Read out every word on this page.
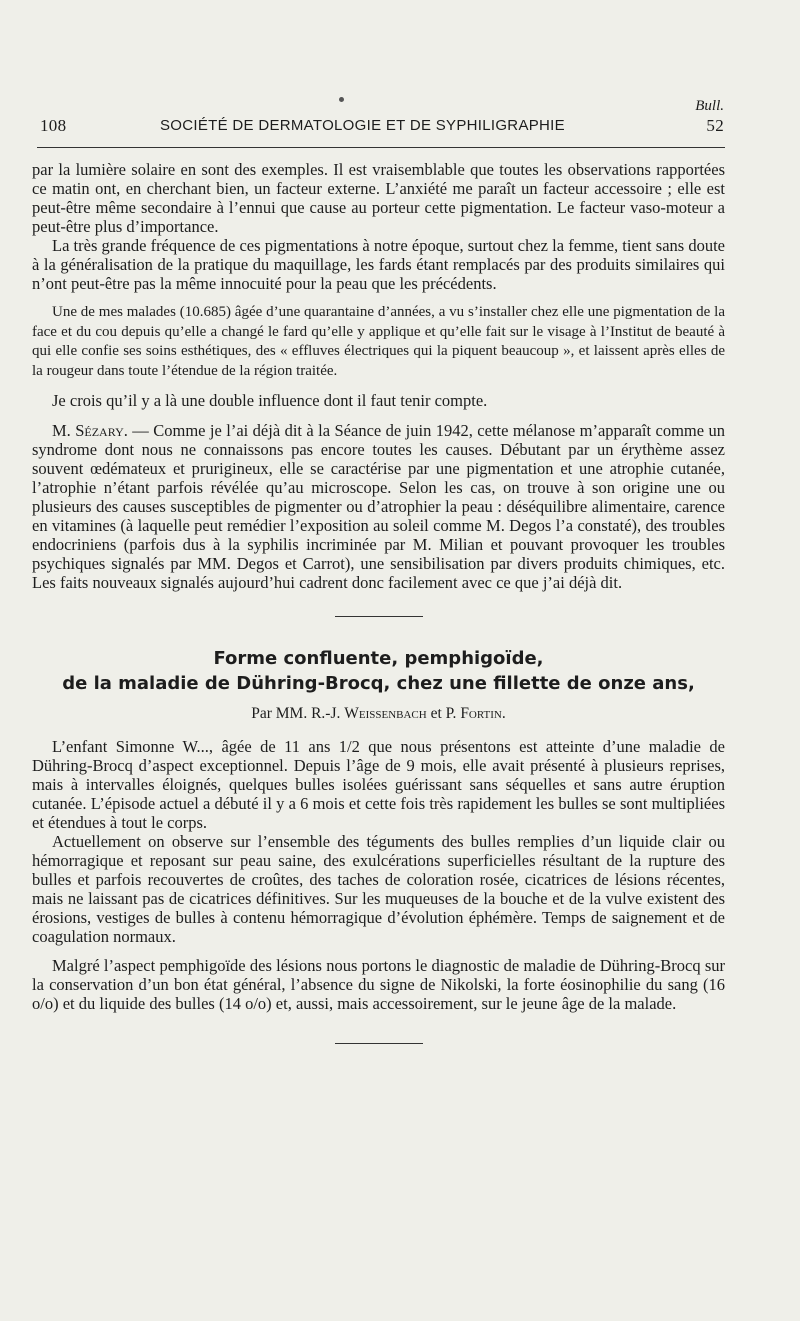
Bull.
108	SOCIÉTÉ DE DERMATOLOGIE ET DE SYPHILIGRAPHIE	52

par la lumière solaire en sont des exemples. Il est vraisemblable que toutes les observations rapportées ce matin ont, en cherchant bien, un facteur externe. L’anxiété me paraît un facteur accessoire ; elle est peut-être même secondaire à l’ennui que cause au porteur cette pigmentation. Le facteur vaso-moteur a peut-être plus d’importance.

La très grande fréquence de ces pigmentations à notre époque, surtout chez la femme, tient sans doute à la généralisation de la pratique du maquillage, les fards étant remplacés par des produits similaires qui n’ont peut-être pas la même innocuité pour la peau que les précédents.

Une de mes malades (10.685) âgée d’une quarantaine d’années, a vu s’installer chez elle une pigmentation de la face et du cou depuis qu’elle a changé le fard qu’elle y applique et qu’elle fait sur le visage à l’Institut de beauté à qui elle confie ses soins esthétiques, des « effluves électriques qui la piquent beaucoup », et laissent après elles de la rougeur dans toute l’étendue de la région traitée.

Je crois qu’il y a là une double influence dont il faut tenir compte.

M. Sézary. — Comme je l’ai déjà dit à la Séance de juin 1942, cette mélanose m’apparaît comme un syndrome dont nous ne connaissons pas encore toutes les causes. Débutant par un érythème assez souvent œdémateux et prurigineux, elle se caractérise par une pigmentation et une atrophie cutanée, l’atrophie n’étant parfois révélée qu’au microscope. Selon les cas, on trouve à son origine une ou plusieurs des causes susceptibles de pigmenter ou d’atrophier la peau : déséquilibre alimentaire, carence en vitamines (à laquelle peut remédier l’exposition au soleil comme M. Degos l’a constaté), des troubles endocriniens (parfois dus à la syphilis incriminée par M. Milian et pouvant provoquer les troubles psychiques signalés par MM. Degos et Carrot), une sensibilisation par divers produits chimiques, etc. Les faits nouveaux signalés aujourd’hui cadrent donc facilement avec ce que j’ai déjà dit.

Forme confluente, pemphigoïde,
de la maladie de Dühring-Brocq, chez une fillette de onze ans,
Par MM. R.-J. Weissenbach et P. Fortin.

L’enfant Simonne W..., âgée de 11 ans 1/2 que nous présentons est atteinte d’une maladie de Dühring-Brocq d’aspect exceptionnel. Depuis l’âge de 9 mois, elle avait présenté à plusieurs reprises, mais à intervalles éloignés, quelques bulles isolées guérissant sans séquelles et sans autre éruption cutanée. L’épisode actuel a débuté il y a 6 mois et cette fois très rapidement les bulles se sont multipliées et étendues à tout le corps.

Actuellement on observe sur l’ensemble des téguments des bulles remplies d’un liquide clair ou hémorragique et reposant sur peau saine, des exulcérations superficielles résultant de la rupture des bulles et parfois recouvertes de croûtes, des taches de coloration rosée, cicatrices de lésions récentes, mais ne laissant pas de cicatrices définitives. Sur les muqueuses de la bouche et de la vulve existent des érosions, vestiges de bulles à contenu hémorragique d’évolution éphémère. Temps de saignement et de coagulation normaux.

Malgré l’aspect pemphigoïde des lésions nous portons le diagnostic de maladie de Dühring-Brocq sur la conservation d’un bon état général, l’absence du signe de Nikolski, la forte éosinophilie du sang (16 o/o) et du liquide des bulles (14 o/o) et, aussi, mais accessoirement, sur le jeune âge de la malade.
